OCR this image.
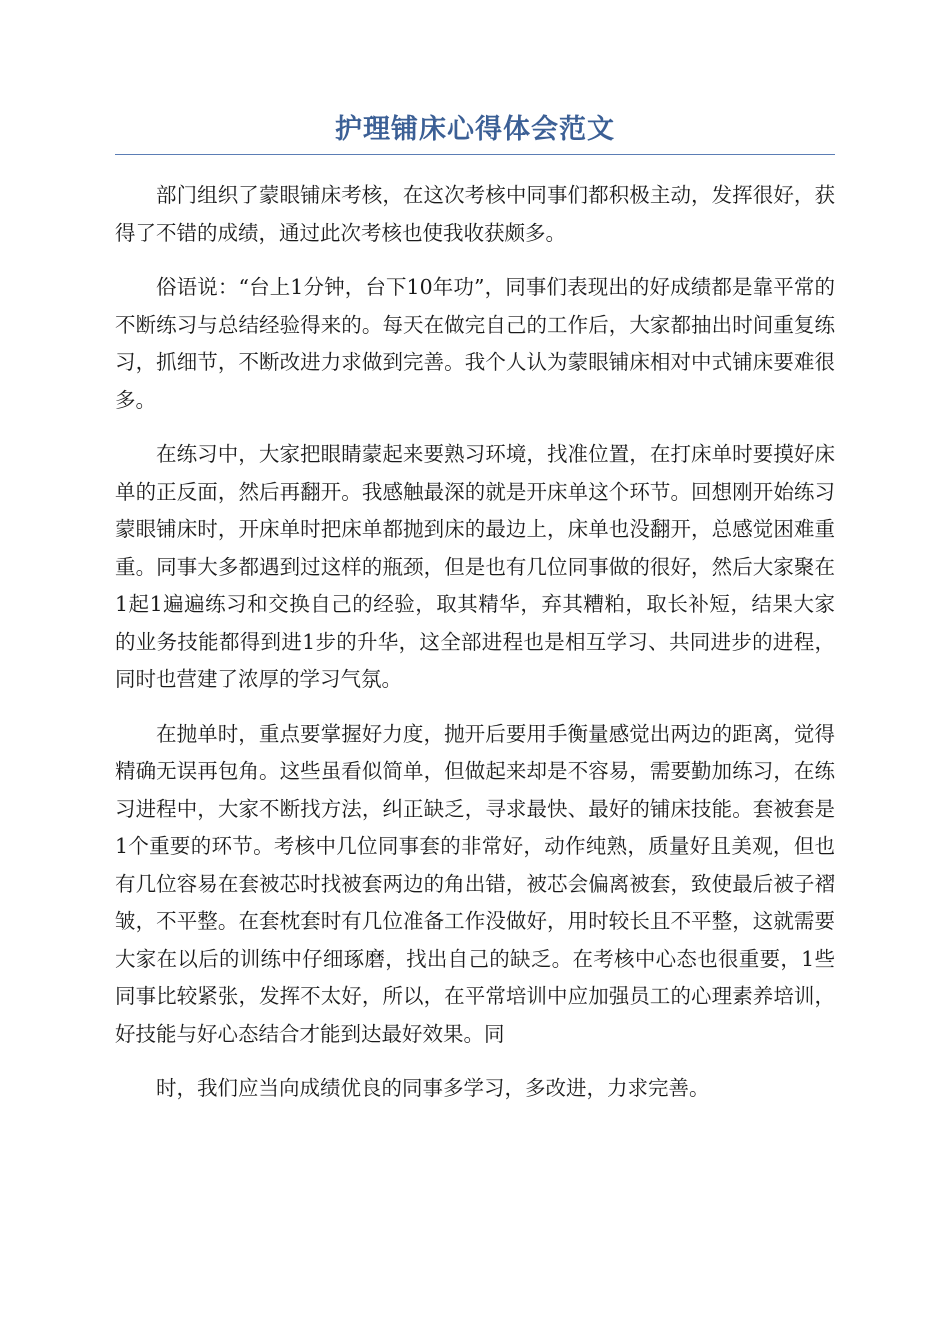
护理铺床心得体会范文

部门组织了蒙眼铺床考核，在这次考核中同事们都积极主动，发挥很好，获得了不错的成绩，通过此次考核也使我收获颇多。

俗语说：“台上1分钟，台下10年功”，同事们表现出的好成绩都是靠平常的不断练习与总结经验得来的。每天在做完自己的工作后，大家都抽出时间重复练习，抓细节，不断改进力求做到完善。我个人认为蒙眼铺床相对中式铺床要难很多。

在练习中，大家把眼睛蒙起来要熟习环境，找准位置，在打床单时要摸好床单的正反面，然后再翻开。我感触最深的就是开床单这个环节。回想刚开始练习蒙眼铺床时，开床单时把床单都抛到床的最边上，床单也没翻开，总感觉困难重重。同事大多都遇到过这样的瓶颈，但是也有几位同事做的很好，然后大家聚在1起1遍遍练习和交换自己的经验，取其精华，弃其糟粕，取长补短，结果大家的业务技能都得到进1步的升华，这全部进程也是相互学习、共同进步的进程，同时也营建了浓厚的学习气氛。

在抛单时，重点要掌握好力度，抛开后要用手衡量感觉出两边的距离，觉得精确无误再包角。这些虽看似简单，但做起来却是不容易，需要勤加练习，在练习进程中，大家不断找方法，纠正缺乏，寻求最快、最好的铺床技能。套被套是1个重要的环节。考核中几位同事套的非常好，动作纯熟，质量好且美观，但也有几位容易在套被芯时找被套两边的角出错，被芯会偏离被套，致使最后被子褶皱，不平整。在套枕套时有几位准备工作没做好，用时较长且不平整，这就需要大家在以后的训练中仔细琢磨，找出自己的缺乏。在考核中心态也很重要，1些同事比较紧张，发挥不太好，所以，在平常培训中应加强员工的心理素养培训，好技能与好心态结合才能到达最好效果。同

时，我们应当向成绩优良的同事多学习，多改进，力求完善。
